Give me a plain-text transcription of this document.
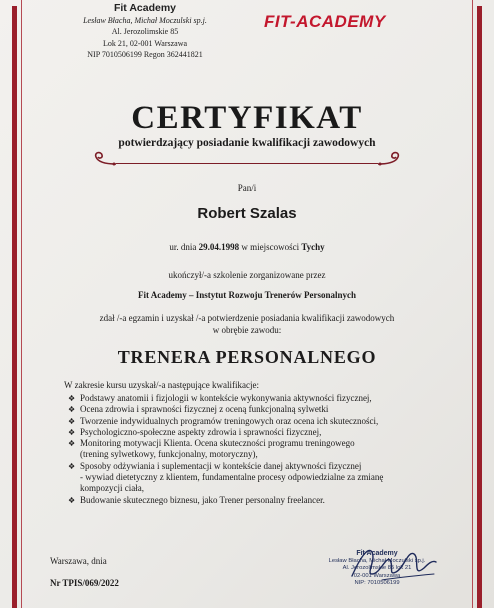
Fit Academy
Lesław Błacha, Michał Moczulski sp.j.
Al. Jerozolimskie 85
Lok 21, 02-001 Warszawa
NIP 7010506199 Regon 362441821
FIT-ACADEMY
CERTYFIKAT
potwierdzający posiadanie kwalifikacji zawodowych
Pan/i
Robert Szalas
ur. dnia 29.04.1998 w miejscowości Tychy
ukończył/-a szkolenie zorganizowane przez
Fit Academy – Instytut Rozwoju Trenerów Personalnych
zdał /-a egzamin i uzyskał /-a potwierdzenie posiadania kwalifikacji zawodowych
w obrębie zawodu:
TRENERA PERSONALNEGO
W zakresie kursu uzyskał/-a następujące kwalifikacje:
❖ Podstawy anatomii i fizjologii w kontekście wykonywania aktywności fizycznej,
❖ Ocena zdrowia i sprawności fizycznej z oceną funkcjonalną sylwetki
❖ Tworzenie indywidualnych programów treningowych oraz ocena ich skuteczności,
❖ Psychologiczno-społeczne aspekty zdrowia i sprawności fizycznej,
❖ Monitoring motywacji Klienta. Ocena skuteczności programu treningowego
(trening sylwetkowy, funkcjonalny, motoryczny),
❖ Sposoby odżywiania i suplementacji w kontekście danej aktywności fizycznej
- wywiad dietetyczny z klientem, fundamentalne procesy odpowiedzialne za zmianę
kompozycji ciała,
❖ Budowanie skutecznego biznesu, jako Trener personalny freelancer.
Warszawa, dnia
Nr TPIS/069/2022
Fit Academy
Lesław Błacha, Michał Moczulski sp.j.
Al. Jerozolimskie 85 lok 21
02-001 Warszawa
NIP: 7010506199
